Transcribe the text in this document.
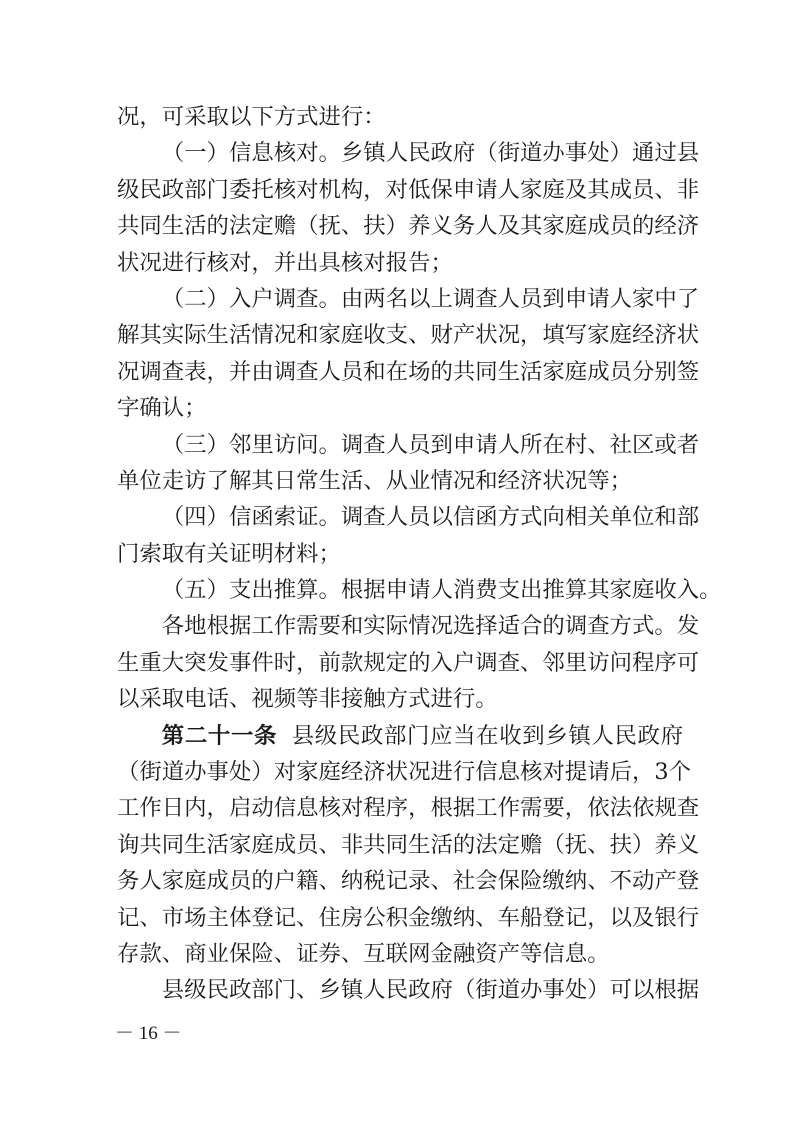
况，可采取以下方式进行：
（一）信息核对。乡镇人民政府（街道办事处）通过县
级民政部门委托核对机构，对低保申请人家庭及其成员、非
共同生活的法定赡（抚、扶）养义务人及其家庭成员的经济
状况进行核对，并出具核对报告；
（二）入户调查。由两名以上调查人员到申请人家中了
解其实际生活情况和家庭收支、财产状况，填写家庭经济状
况调查表，并由调查人员和在场的共同生活家庭成员分别签
字确认；
（三）邻里访问。调查人员到申请人所在村、社区或者
单位走访了解其日常生活、从业情况和经济状况等；
（四）信函索证。调查人员以信函方式向相关单位和部
门索取有关证明材料；
（五）支出推算。根据申请人消费支出推算其家庭收入。
各地根据工作需要和实际情况选择适合的调查方式。发
生重大突发事件时，前款规定的入户调查、邻里访问程序可
以采取电话、视频等非接触方式进行。
第二十一条 县级民政部门应当在收到乡镇人民政府
（街道办事处）对家庭经济状况进行信息核对提请后，3个
工作日内，启动信息核对程序，根据工作需要，依法依规查
询共同生活家庭成员、非共同生活的法定赡（抚、扶）养义
务人家庭成员的户籍、纳税记录、社会保险缴纳、不动产登
记、市场主体登记、住房公积金缴纳、车船登记，以及银行
存款、商业保险、证券、互联网金融资产等信息。
县级民政部门、乡镇人民政府（街道办事处）可以根据
－ 16 －
